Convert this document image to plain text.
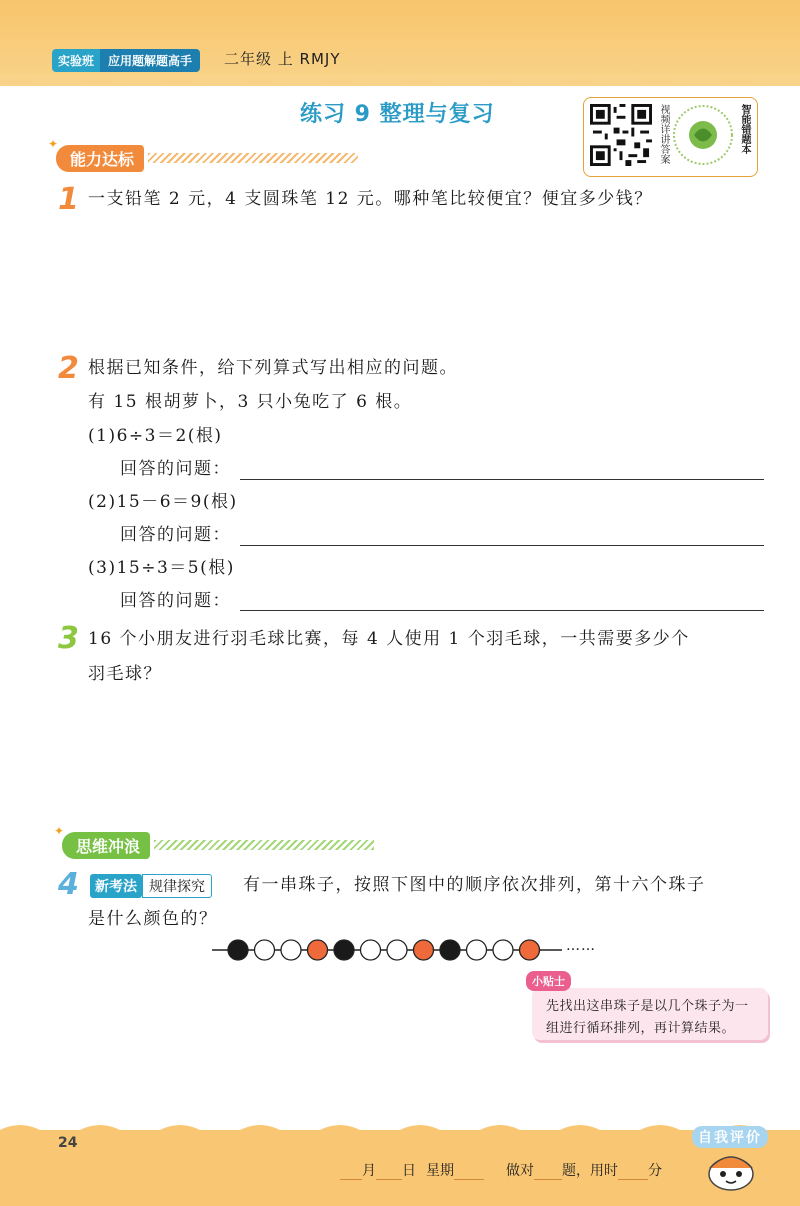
实验班	应用题解题高手	二年级 上 RMJY
练习 9 整理与复习	视频详讲答案	智能错题本
✦
能力达标
1 一支铅笔 2 元，4 支圆珠笔 12 元。哪种笔比较便宜？便宜多少钱？
2 根据已知条件，给下列算式写出相应的问题。
有 15 根胡萝卜，3 只小兔吃了 6 根。
(1)6÷3＝2(根)
回答的问题：
(2)15－6＝9(根)
回答的问题：
(3)15÷3＝5(根)
回答的问题：
3 16 个小朋友进行羽毛球比赛，每 4 人使用 1 个羽毛球，一共需要多少个
羽毛球？
✦
思维冲浪
4	新考法 规律探究	有一串珠子，按照下图中的顺序依次排列，第十六个珠子
是什么颜色的？
……
小贴士
先找出这串珠子是以几个珠子为一
组进行循环排列，再计算结果。
24
月 日 星期	做对 题，用时 分
自我评价
